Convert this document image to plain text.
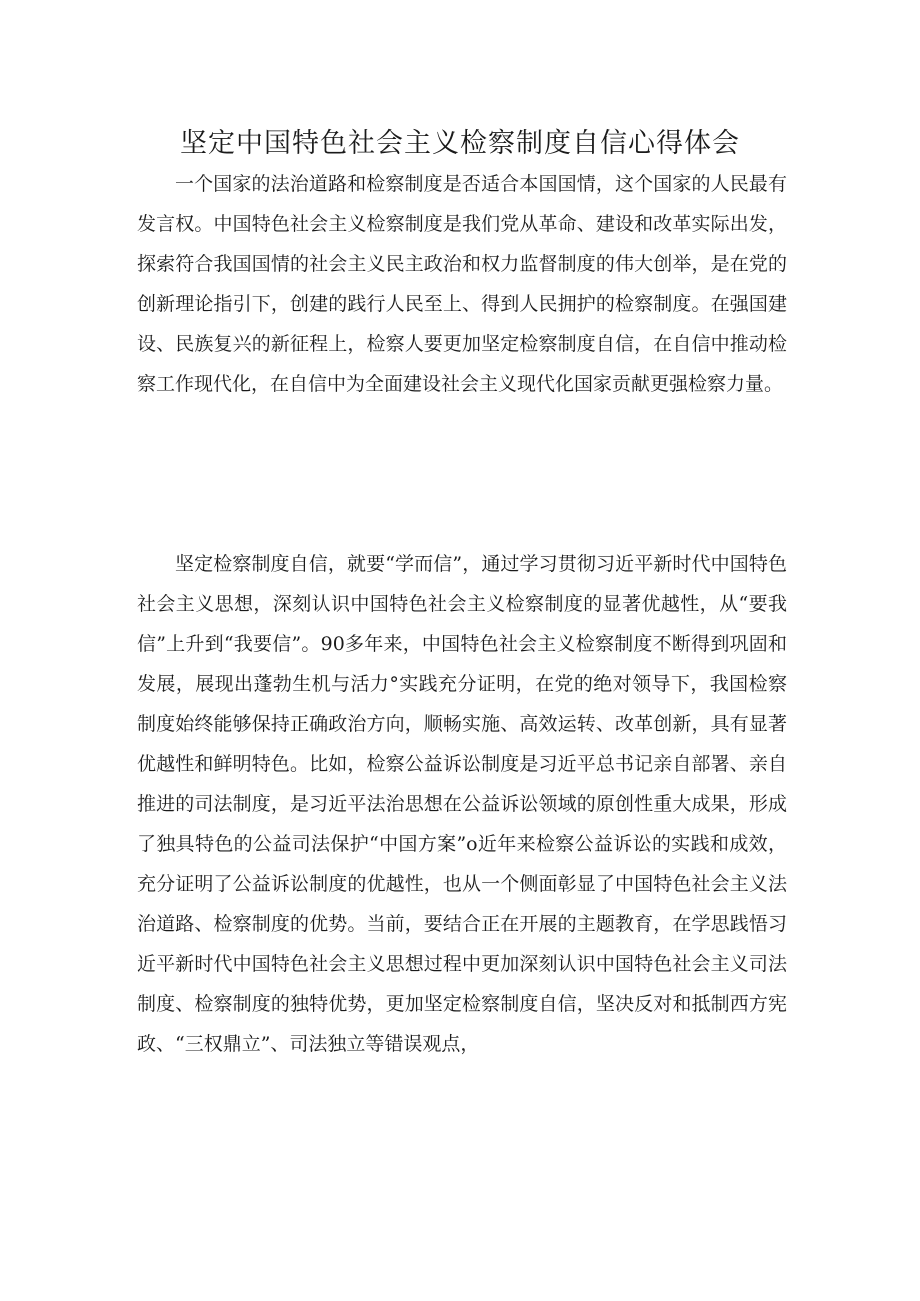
坚定中国特色社会主义检察制度自信心得体会

一个国家的法治道路和检察制度是否适合本国国情，这个国家的人民最有发言权。中国特色社会主义检察制度是我们党从革命、建设和改革实际出发，探索符合我国国情的社会主义民主政治和权力监督制度的伟大创举，是在党的创新理论指引下，创建的践行人民至上、得到人民拥护的检察制度。在强国建设、民族复兴的新征程上，检察人要更加坚定检察制度自信，在自信中推动检察工作现代化，在自信中为全面建设社会主义现代化国家贡献更强检察力量。

坚定检察制度自信，就要“学而信”，通过学习贯彻习近平新时代中国特色社会主义思想，深刻认识中国特色社会主义检察制度的显著优越性，从“要我信”上升到“我要信”。90多年来，中国特色社会主义检察制度不断得到巩固和发展，展现出蓬勃生机与活力°实践充分证明，在党的绝对领导下，我国检察制度始终能够保持正确政治方向，顺畅实施、高效运转、改革创新，具有显著优越性和鲜明特色。比如，检察公益诉讼制度是习近平总书记亲自部署、亲自推进的司法制度，是习近平法治思想在公益诉讼领域的原创性重大成果，形成了独具特色的公益司法保护“中国方案”o近年来检察公益诉讼的实践和成效，充分证明了公益诉讼制度的优越性，也从一个侧面彰显了中国特色社会主义法治道路、检察制度的优势。当前，要结合正在开展的主题教育，在学思践悟习近平新时代中国特色社会主义思想过程中更加深刻认识中国特色社会主义司法制度、检察制度的独特优势，更加坚定检察制度自信，坚决反对和抵制西方宪政、“三权鼎立”、司法独立等错误观点，
